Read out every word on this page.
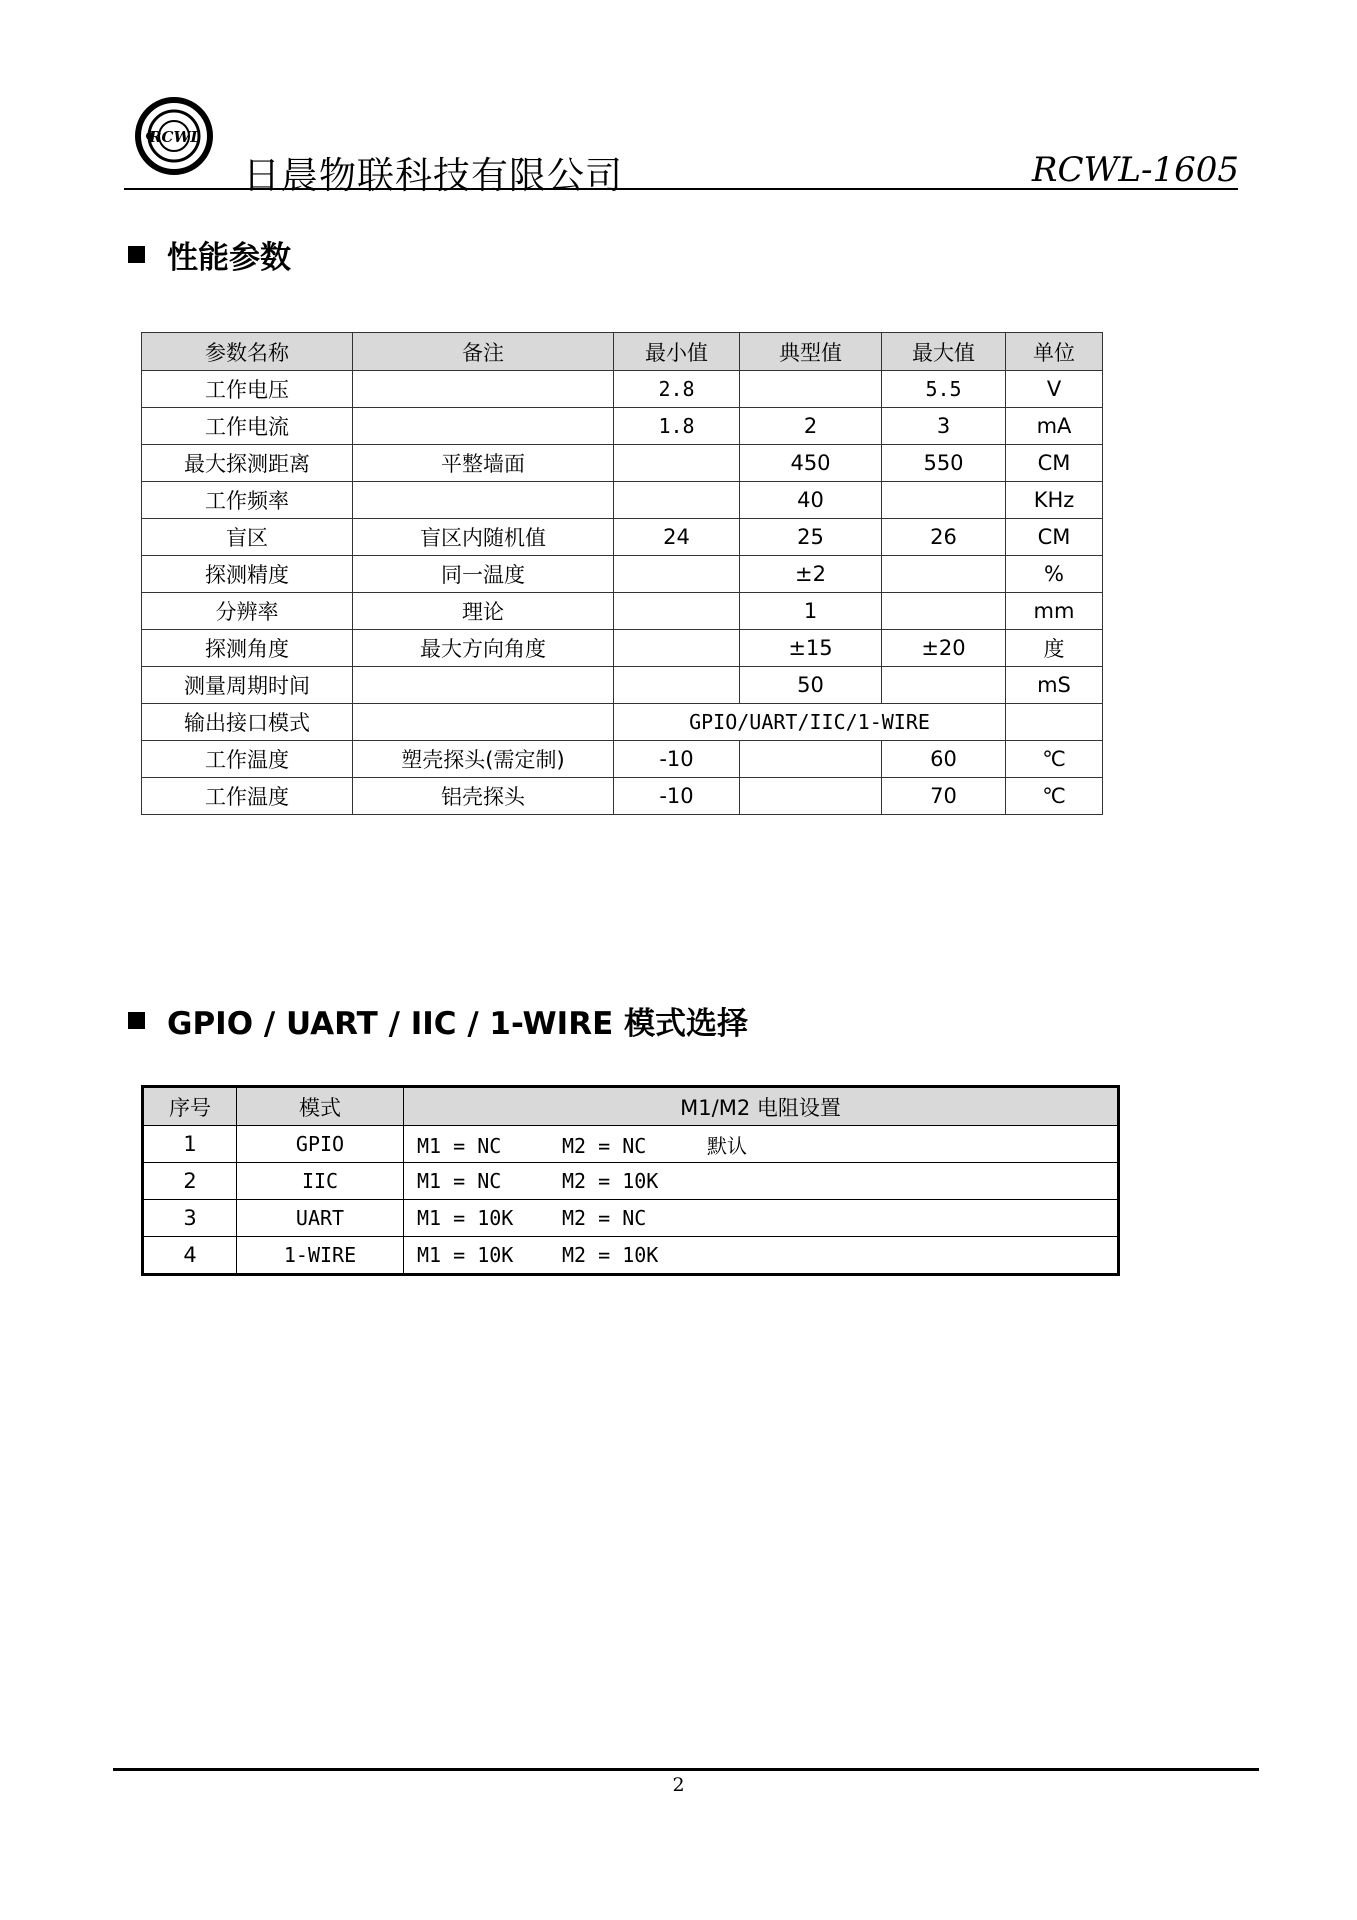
RCWL
日晨物联科技有限公司	RCWL-1605
性能参数
参数名称	备注	最小值	典型值	最大值	单位
工作电压		2.8		5.5	V
工作电流		1.8	2	3	mA
最大探测距离	平整墙面		450	550	CM
工作频率			40		KHz
盲区	盲区内随机值	24	25	26	CM
探测精度	同一温度		±2		%
分辨率	理论		1		mm
探测角度	最大方向角度		±15	±20	度
测量周期时间			50		mS
输出接口模式		GPIO/UART/IIC/1-WIRE			
工作温度	塑壳探头(需定制)	-10		60	℃
工作温度	铝壳探头	-10		70	℃
GPIO / UART / IIC / 1-WIRE 模式选择
序号	模式	M1/M2 电阻设置
1	GPIO	M1 = NC M2 = NC 默认
2	IIC	M1 = NC M2 = 10K
3	UART	M1 = 10K M2 = NC
4	1-WIRE	M1 = 10K M2 = 10K
2
